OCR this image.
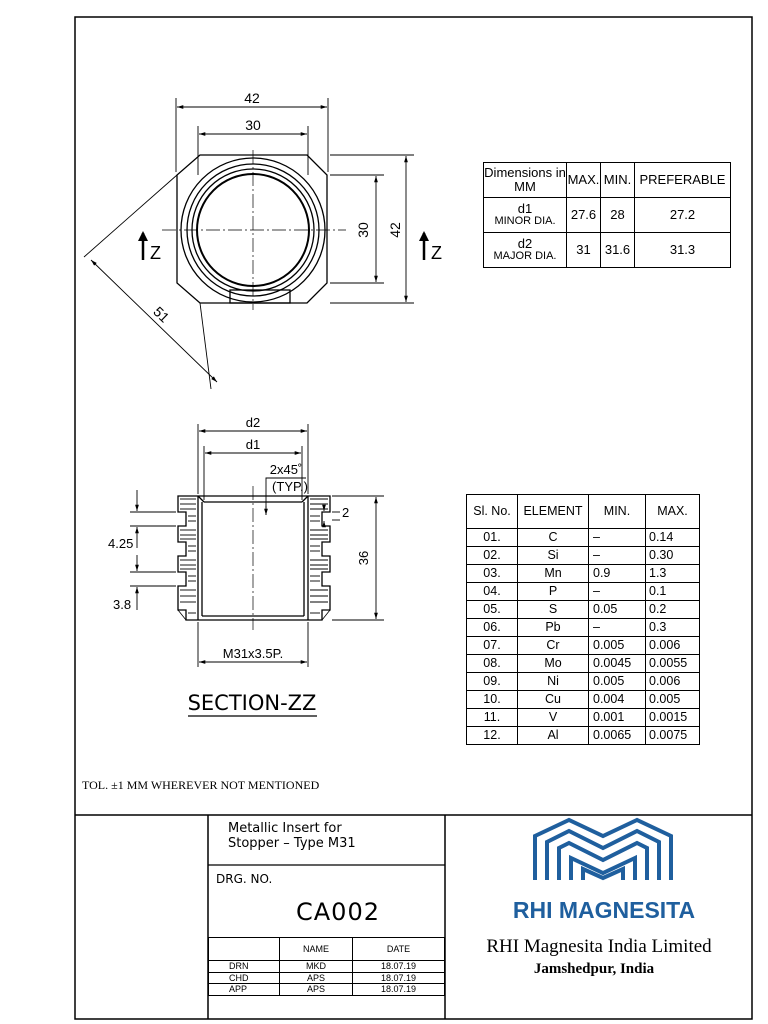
42
30
30 42
51
Z	Z
d2
d1
2x45˚
(TYP.)
2
36
4.25
3.8
M31x3.5P.
SECTION-ZZ
TOL. ±1 MM WHEREVER NOT MENTIONED
RHI MAGNESITA
RHI Magnesita India Limited
Jamshedpur, India
Dimensions in MM	MAX.	MIN.	PREFERABLE

d1
MINOR DIA.	27.6	28	27.2

d2
MAJOR DIA.	31	31.6	31.3
Sl. No.	ELEMENT	MIN.	MAX.
01.	C	–	0.14
02.	Si	–	0.30
03.	Mn	0.9	1.3
04.	P	–	0.1
05.	S	0.05	0.2
06.	Pb	–	0.3
07.	Cr	0.005	0.006
08.	Mo	0.0045	0.0055
09.	Ni	0.005	0.006
10.	Cu	0.004	0.005
11.	V	0.001	0.0015
12.	Al	0.0065	0.0075
Metallic Insert for
Stopper – Type M31
DRG. NO.
CA002
	NAME	DATE
DRN	MKD	18.07.19
CHD	APS	18.07.19
APP	APS	18.07.19
